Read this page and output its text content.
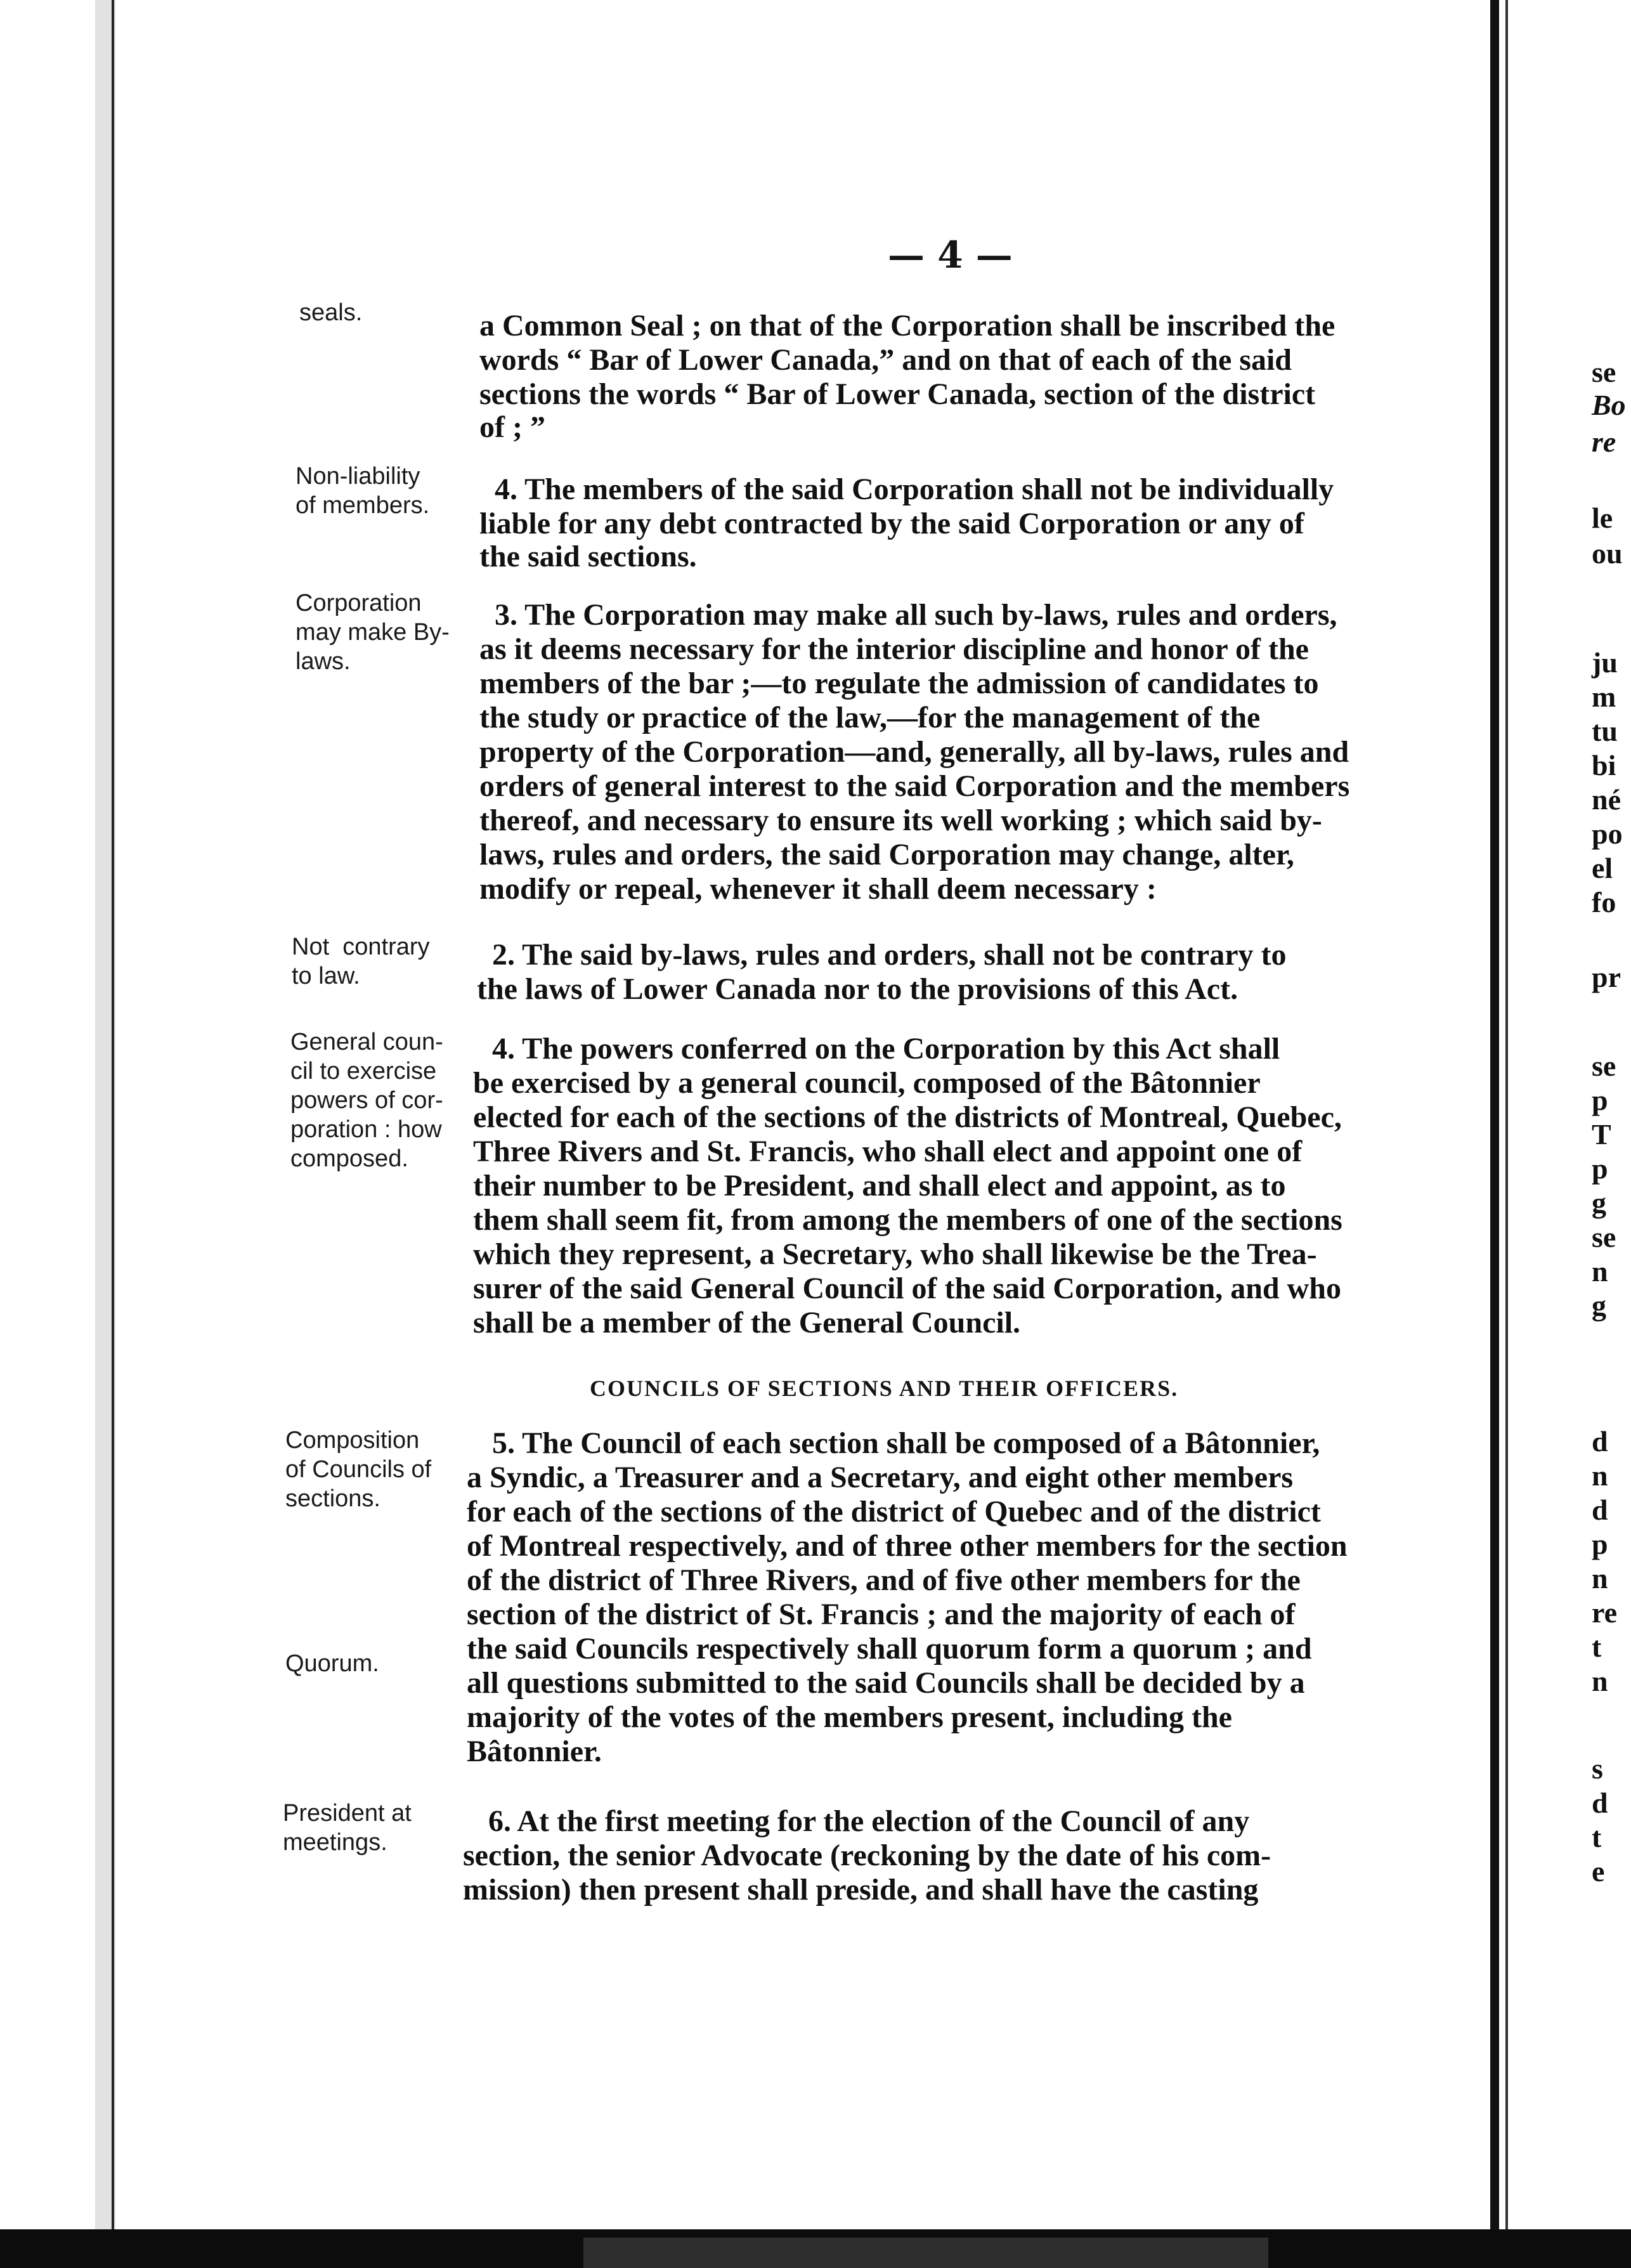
— 4 —
seals.
Non-liability
of members.
Corporation
may make By-
laws.
Not  contrary
to law.
General coun-
cil to exercise
powers of cor-
poration : how
composed.
Composition
of Councils of
sections.
Quorum.
President at
meetings.
a Common Seal ; on that of the Corporation shall be inscribed the
words “ Bar of Lower Canada,” and on that of each of the said
sections the words “ Bar of Lower Canada, section of the district
of ; ”
4. The members of the said Corporation shall not be individually
liable for any debt contracted by the said Corporation or any of
the said sections.
3. The Corporation may make all such by-laws, rules and orders,
as it deems necessary for the interior discipline and honor of the
members of the bar ;—to regulate the admission of candidates to
the study or practice of the law,—for the management of the
property of the Corporation—and, generally, all by-laws, rules and
orders of general interest to the said Corporation and the members
thereof, and necessary to ensure its well working ; which said by-
laws, rules and orders, the said Corporation may change, alter,
modify or repeal, whenever it shall deem necessary :
2. The said by-laws, rules and orders, shall not be contrary to
the laws of Lower Canada nor to the provisions of this Act.
4. The powers conferred on the Corporation by this Act shall
be exercised by a general council, composed of the Bâtonnier
elected for each of the sections of the districts of Montreal, Quebec,
Three Rivers and St. Francis, who shall elect and appoint one of
their number to be President, and shall elect and appoint, as to
them shall seem fit, from among the members of one of the sections
which they represent, a Secretary, who shall likewise be the Trea-
surer of the said General Council of the said Corporation, and who
shall be a member of the General Council.
COUNCILS OF SECTIONS AND THEIR OFFICERS.
5. The Council of each section shall be composed of a Bâtonnier,
a Syndic, a Treasurer and a Secretary, and eight other members
for each of the sections of the district of Quebec and of the district
of Montreal respectively, and of three other members for the section
of the district of Three Rivers, and of five other members for the
section of the district of St. Francis ; and the majority of each of
the said Councils respectively shall quorum form a quorum ; and
all questions submitted to the said Councils shall be decided by a
majority of the votes of the members present, including the
Bâtonnier.
6. At the first meeting for the election of the Council of any
section, the senior Advocate (reckoning by the date of his com-
mission) then present shall preside, and shall have the casting
se
Bo
re
le
ou
ju
m
tu
bi
né
po
el
fo
pr
se
p
T
p
g
se
n
g
d
n
d
p
n
re
t
n
s
d
t
e
